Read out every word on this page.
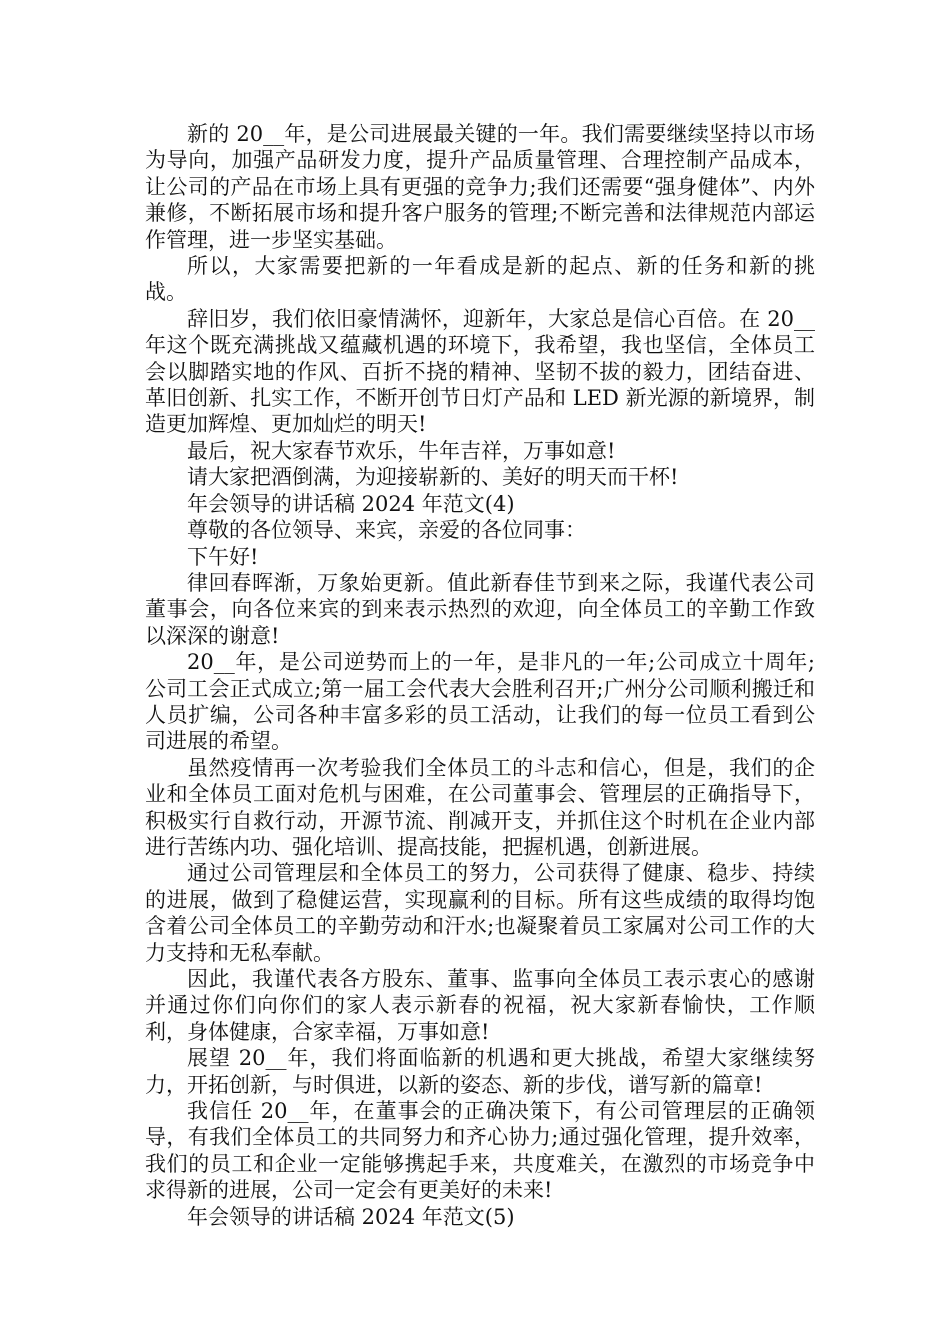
新的 20__年，是公司进展最关键的一年。我们需要继续坚持以市场为导向，加强产品研发力度，提升产品质量管理、合理控制产品成本，让公司的产品在市场上具有更强的竞争力;我们还需要“强身健体”、内外兼修，不断拓展市场和提升客户服务的管理;不断完善和法律规范内部运作管理，进一步坚实基础。

所以，大家需要把新的一年看成是新的起点、新的任务和新的挑战。

辞旧岁，我们依旧豪情满怀，迎新年，大家总是信心百倍。在 20__年这个既充满挑战又蕴藏机遇的环境下，我希望，我也坚信，全体员工会以脚踏实地的作风、百折不挠的精神、坚韧不拔的毅力，团结奋进、革旧创新、扎实工作，不断开创节日灯产品和 LED 新光源的新境界，制造更加辉煌、更加灿烂的明天!

最后，祝大家春节欢乐，牛年吉祥，万事如意!

请大家把酒倒满，为迎接崭新的、美好的明天而干杯!

年会领导的讲话稿 2024 年范文(4)

尊敬的各位领导、来宾，亲爱的各位同事：

下午好!

律回春晖渐，万象始更新。值此新春佳节到来之际，我谨代表公司董事会，向各位来宾的到来表示热烈的欢迎，向全体员工的辛勤工作致以深深的谢意!

20__年，是公司逆势而上的一年，是非凡的一年;公司成立十周年;公司工会正式成立;第一届工会代表大会胜利召开;广州分公司顺利搬迁和人员扩编，公司各种丰富多彩的员工活动，让我们的每一位员工看到公司进展的希望。

虽然疫情再一次考验我们全体员工的斗志和信心，但是，我们的企业和全体员工面对危机与困难，在公司董事会、管理层的正确指导下，积极实行自救行动，开源节流、削减开支，并抓住这个时机在企业内部进行苦练内功、强化培训、提高技能，把握机遇，创新进展。

通过公司管理层和全体员工的努力，公司获得了健康、稳步、持续的进展，做到了稳健运营，实现赢利的目标。所有这些成绩的取得均饱含着公司全体员工的辛勤劳动和汗水;也凝聚着员工家属对公司工作的大力支持和无私奉献。

因此，我谨代表各方股东、董事、监事向全体员工表示衷心的感谢并通过你们向你们的家人表示新春的祝福，祝大家新春愉快，工作顺利，身体健康，合家幸福，万事如意!

展望 20__年，我们将面临新的机遇和更大挑战，希望大家继续努力，开拓创新，与时俱进，以新的姿态、新的步伐，谱写新的篇章!

我信任 20__年，在董事会的正确决策下，有公司管理层的正确领导，有我们全体员工的共同努力和齐心协力;通过强化管理，提升效率，我们的员工和企业一定能够携起手来，共度难关，在激烈的市场竞争中求得新的进展，公司一定会有更美好的未来!

年会领导的讲话稿 2024 年范文(5)
